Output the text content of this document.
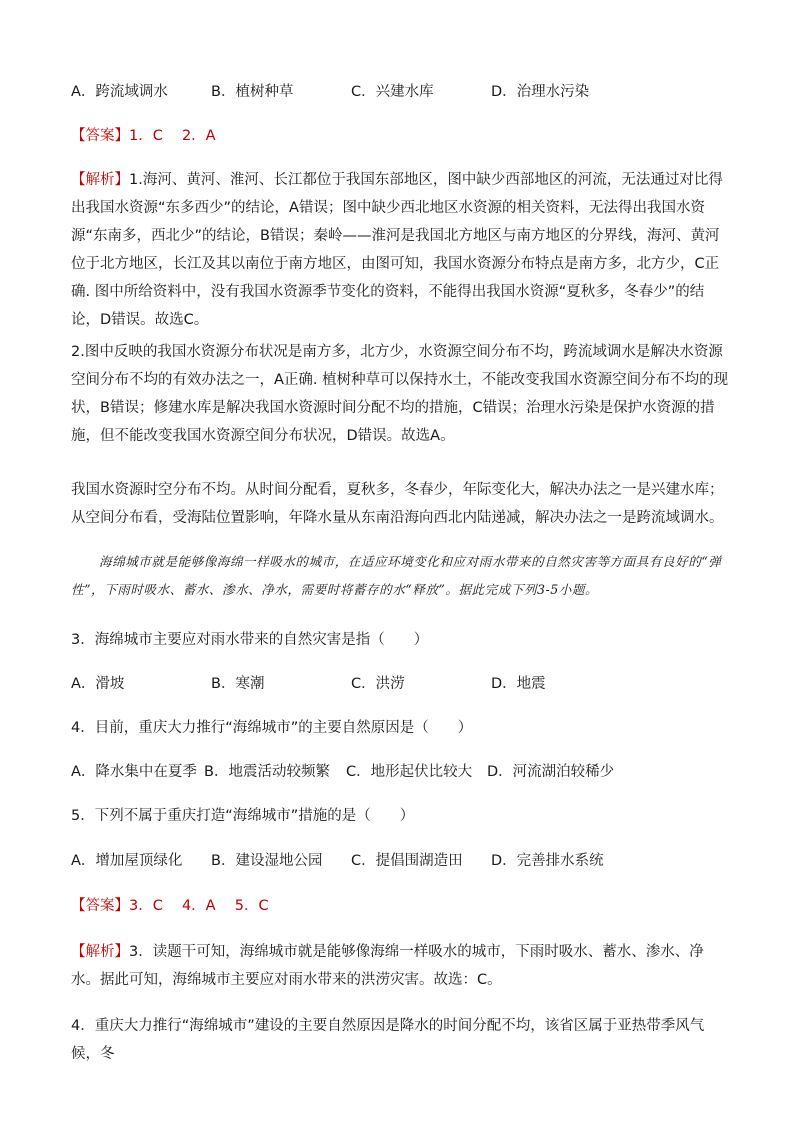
A．跨流域调水	B．植树种草	C．兴建水库	D．治理水污染
【答案】1．C　 2．A
【解析】1.海河、黄河、淮河、长江都位于我国东部地区，图中缺少西部地区的河流，无法通过对比得出我国水资源“东多西少”的结论，A错误；图中缺少西北地区水资源的相关资料，无法得出我国水资源“东南多，西北少”的结论，B错误；秦岭——淮河是我国北方地区与南方地区的分界线，海河、黄河位于北方地区，长江及其以南位于南方地区，由图可知，我国水资源分布特点是南方多，北方少，C正确. 图中所给资料中，没有我国水资源季节变化的资料，不能得出我国水资源“夏秋多，冬春少”的结论，D错误。故选C。
2.图中反映的我国水资源分布状况是南方多，北方少，水资源空间分布不均，跨流域调水是解决水资源空间分布不均的有效办法之一，A正确. 植树种草可以保持水土，不能改变我国水资源空间分布不均的现状，B错误；修建水库是解决我国水资源时间分配不均的措施，C错误；治理水污染是保护水资源的措施，但不能改变我国水资源空间分布状况，D错误。故选A。
我国水资源时空分布不均。从时间分配看，夏秋多，冬春少，年际变化大，解决办法之一是兴建水库；从空间分布看，受海陆位置影响，年降水量从东南沿海向西北内陆递减，解决办法之一是跨流域调水。
海绵城市就是能够像海绵一样吸水的城市，在适应环境变化和应对雨水带来的自然灾害等方面具有良好的“弹性”，下雨时吸水、蓄水、渗水、净水，需要时将蓄存的水“释放”。据此完成下列3-5小题。
3．海绵城市主要应对雨水带来的自然灾害是指（　　）
A．滑坡	B．寒潮	C．洪涝	D．地震
4．目前，重庆大力推行“海绵城市”的主要自然原因是（　　）
A．降水集中在夏季 B．地震活动较频繁 C．地形起伏比较大 D．河流湖泊较稀少
5．下列不属于重庆打造“海绵城市”措施的是（　　）
A．增加屋顶绿化 B．建设湿地公园 C．提倡围湖造田 D．完善排水系统
【答案】3．C　 4．A　 5．C
【解析】3．读题干可知，海绵城市就是能够像海绵一样吸水的城市，下雨时吸水、蓄水、渗水、净水。据此可知，海绵城市主要应对雨水带来的洪涝灾害。故选：C。
4．重庆大力推行“海绵城市”建设的主要自然原因是降水的时间分配不均，该省区属于亚热带季风气候，冬
